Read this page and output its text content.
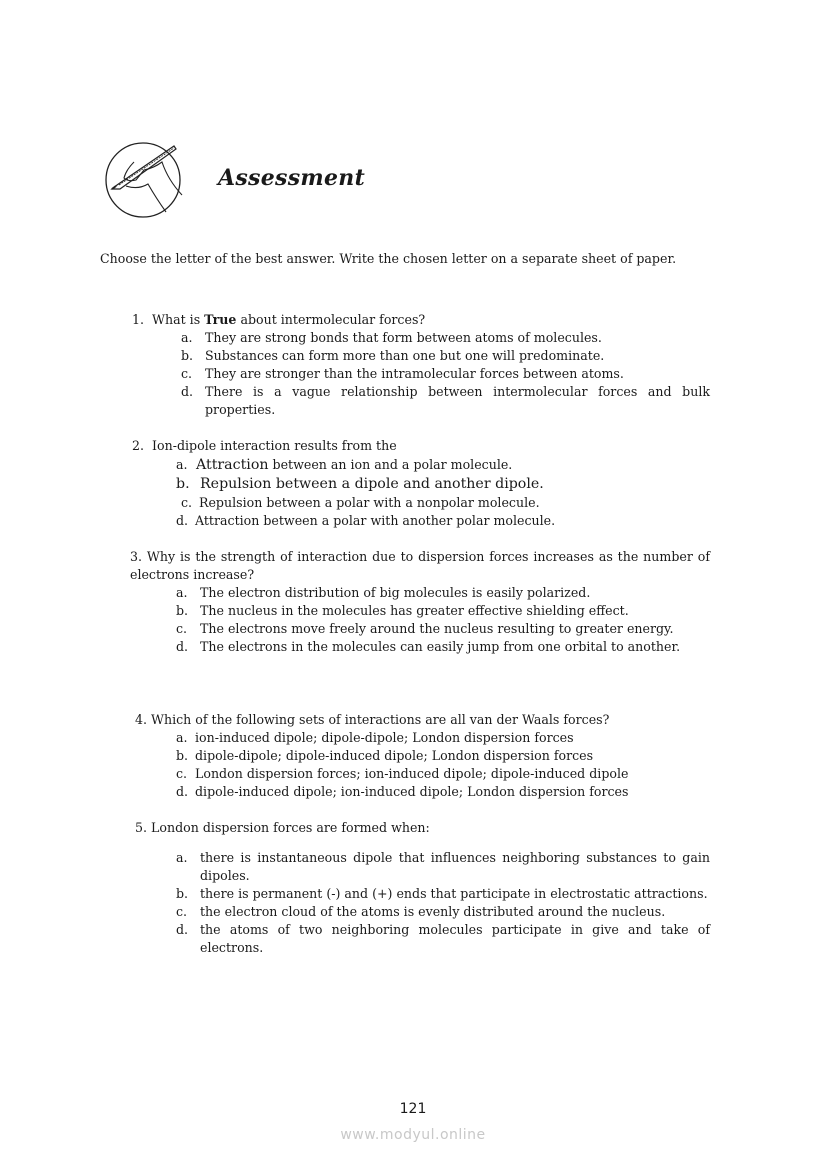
Assessment
Choose the letter of the best answer. Write the chosen letter on a separate sheet of paper.
1. What is True about intermolecular forces?
a. They are strong bonds that form between atoms of molecules.
b. Substances can form more than one but one will predominate.
c.	They are stronger than the intramolecular forces between atoms.
d. There is a vague relationship between intermolecular forces and bulk properties.
2. Ion-dipole interaction results from the
a. Attraction between an ion and a polar molecule.
b. Repulsion between a dipole and another dipole.
c. Repulsion between a polar with a nonpolar molecule.
d. Attraction between a polar with another polar molecule.
3. Why is the strength of interaction due to dispersion forces increases as the number of electrons increase?
a. The electron distribution of big molecules is easily polarized.
b. The nucleus in the molecules has greater effective shielding effect.
c.	The electrons move freely around the nucleus resulting to greater energy.
d. The electrons in the molecules can easily jump from one orbital to another.
4. Which of the following sets of interactions are all van der Waals forces?
a. ion-induced dipole; dipole-dipole; London dispersion forces
b. dipole-dipole; dipole-induced dipole; London dispersion forces
c. London dispersion forces; ion-induced dipole; dipole-induced dipole
d. dipole-induced dipole; ion-induced dipole; London dispersion forces
5. London dispersion forces are formed when:
a. there is instantaneous dipole that influences neighboring substances to gain dipoles.
b. there is permanent (-) and (+) ends that participate in electrostatic attractions.
c.	the electron cloud of the atoms is evenly distributed around the nucleus.
d. the atoms of two neighboring molecules participate in give and take of electrons.
121
www.modyul.online
